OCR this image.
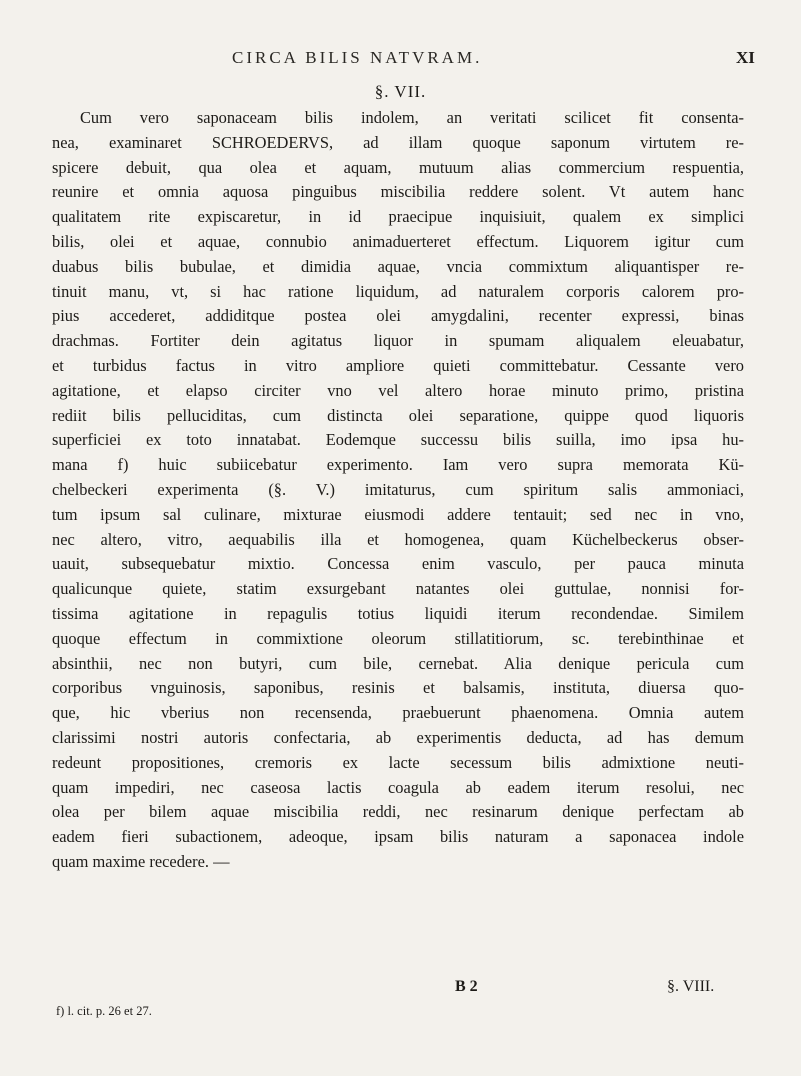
CIRCA BILIS NATVRAM.	XI
§. VII.
Cum vero saponaceam bilis indolem, an veritati scilicet fit consenta-
nea, examinaret SCHROEDERVS, ad illam quoque saponum virtutem re-
spicere debuit, qua olea et aquam, mutuum alias commercium respuentia,
reunire et omnia aquosa pinguibus miscibilia reddere solent. Vt autem hanc
qualitatem rite expiscaretur, in id praecipue inquisiuit, qualem ex simplici
bilis, olei et aquae, connubio animaduerteret effectum. Liquorem igitur cum
duabus bilis bubulae, et dimidia aquae, vncia commixtum aliquantisper re-
tinuit manu, vt, si hac ratione liquidum, ad naturalem corporis calorem pro-
pius accederet, addiditque postea olei amygdalini, recenter expressi, binas
drachmas. Fortiter dein agitatus liquor in spumam aliqualem eleuabatur,
et turbidus factus in vitro ampliore quieti committebatur. Cessante vero
agitatione, et elapso circiter vno vel altero horae minuto primo, pristina
rediit bilis pelluciditas, cum distincta olei separatione, quippe quod liquoris
superficiei ex toto innatabat. Eodemque successu bilis suilla, imo ipsa hu-
mana f) huic subiicebatur experimento. Iam vero supra memorata Kü-
chelbeckeri experimenta (§. V.) imitaturus, cum spiritum salis ammoniaci,
tum ipsum sal culinare, mixturae eiusmodi addere tentauit; sed nec in vno,
nec altero, vitro, aequabilis illa et homogenea, quam Küchelbeckerus obser-
uauit, subsequebatur mixtio. Concessa enim vasculo, per pauca minuta
qualicunque quiete, statim exsurgebant natantes olei guttulae, nonnisi for-
tissima agitatione in repagulis totius liquidi iterum recondendae. Similem
quoque effectum in commixtione oleorum stillatitiorum, sc. terebinthinae et
absinthii, nec non butyri, cum bile, cernebat. Alia denique pericula cum
corporibus vnguinosis, saponibus, resinis et balsamis, instituta, diuersa quo-
que, hic vberius non recensenda, praebuerunt phaenomena. Omnia autem
clarissimi nostri autoris confectaria, ab experimentis deducta, ad has demum
redeunt propositiones, cremoris ex lacte secessum bilis admixtione neuti-
quam impediri, nec caseosa lactis coagula ab eadem iterum resolui, nec
olea per bilem aquae miscibilia reddi, nec resinarum denique perfectam ab
eadem fieri subactionem, adeoque, ipsam bilis naturam a saponacea indole
quam maxime recedere. —
B 2	§. VIII.
f) l. cit. p. 26 et 27.
